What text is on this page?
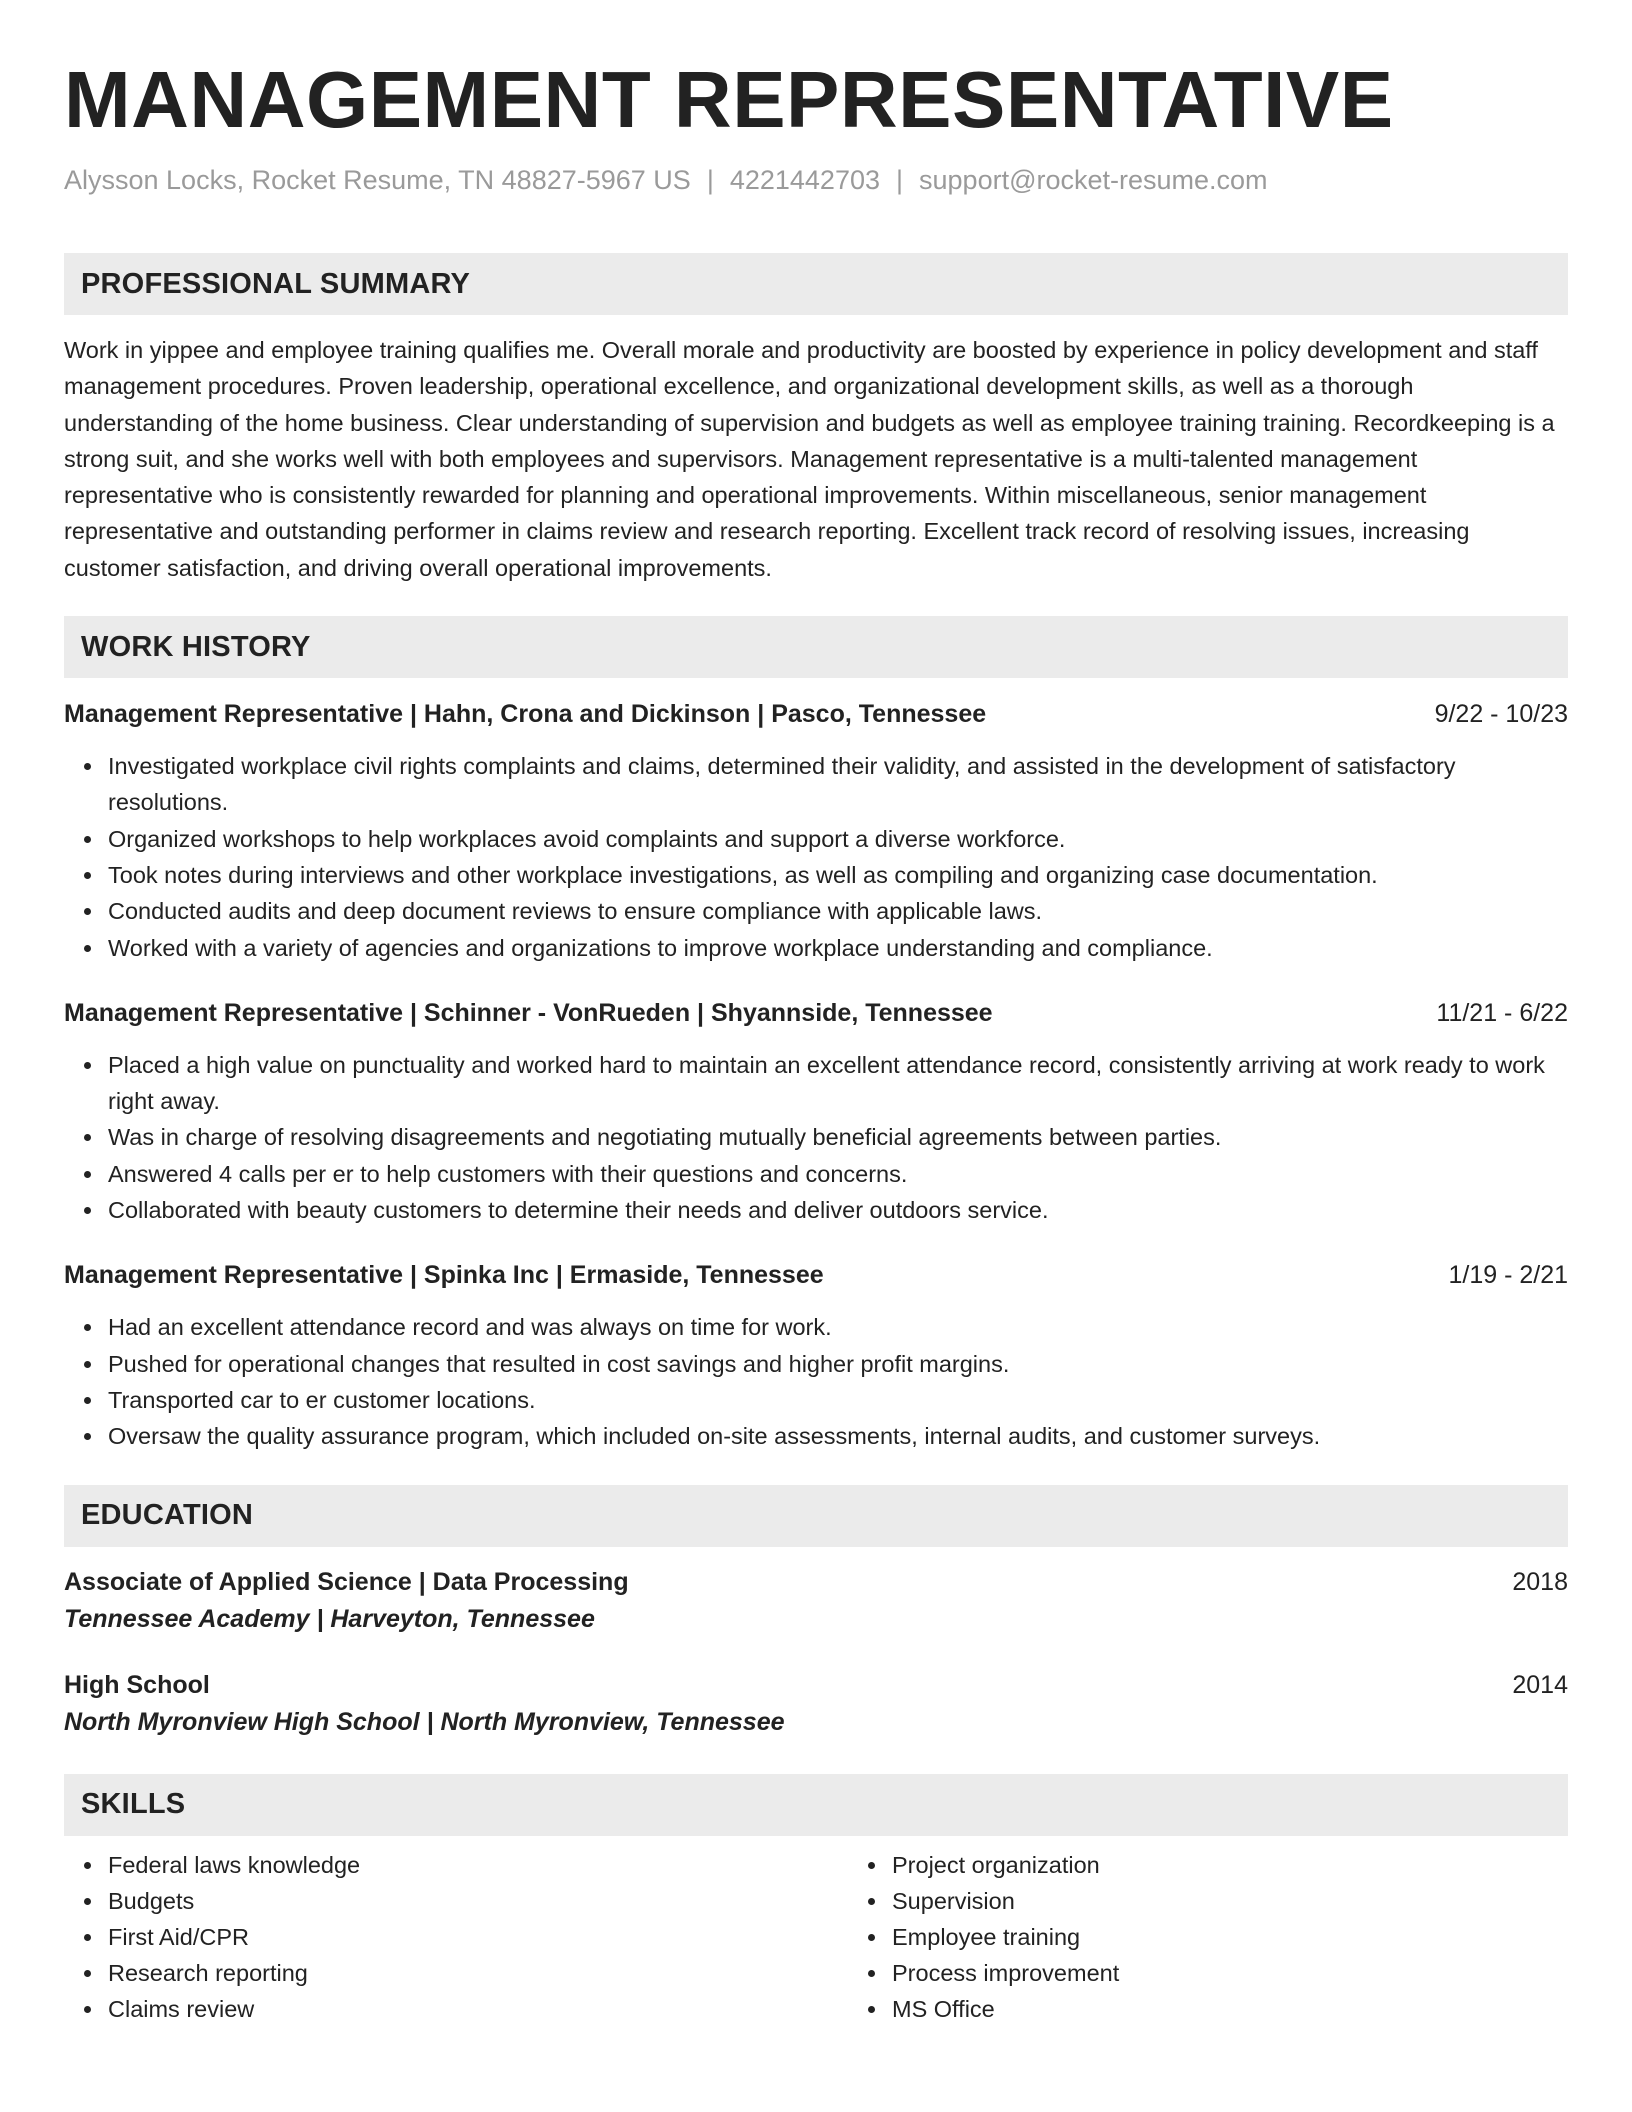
MANAGEMENT REPRESENTATIVE
Alysson Locks, Rocket Resume, TN 48827-5967 US | 4221442703 | support@rocket-resume.com
PROFESSIONAL SUMMARY

Work in yippee and employee training qualifies me. Overall morale and productivity are boosted by experience in policy development and staff management procedures. Proven leadership, operational excellence, and organizational development skills, as well as a thorough understanding of the home business. Clear understanding of supervision and budgets as well as employee training training. Recordkeeping is a strong suit, and she works well with both employees and supervisors. Management representative is a multi-talented management representative who is consistently rewarded for planning and operational improvements. Within miscellaneous, senior management representative and outstanding performer in claims review and research reporting. Excellent track record of resolving issues, increasing customer satisfaction, and driving overall operational improvements.

WORK HISTORY
Management Representative | Hahn, Crona and Dickinson | Pasco, Tennessee	9/22 - 10/23
Investigated workplace civil rights complaints and claims, determined their validity, and assisted in the development of satisfactory resolutions.
Organized workshops to help workplaces avoid complaints and support a diverse workforce.
Took notes during interviews and other workplace investigations, as well as compiling and organizing case documentation.
Conducted audits and deep document reviews to ensure compliance with applicable laws.
Worked with a variety of agencies and organizations to improve workplace understanding and compliance.
Management Representative | Schinner - VonRueden | Shyannside, Tennessee	11/21 - 6/22
Placed a high value on punctuality and worked hard to maintain an excellent attendance record, consistently arriving at work ready to work right away.
Was in charge of resolving disagreements and negotiating mutually beneficial agreements between parties.
Answered 4 calls per er to help customers with their questions and concerns.
Collaborated with beauty customers to determine their needs and deliver outdoors service.
Management Representative | Spinka Inc | Ermaside, Tennessee	1/19 - 2/21
Had an excellent attendance record and was always on time for work.
Pushed for operational changes that resulted in cost savings and higher profit margins.
Transported car to er customer locations.
Oversaw the quality assurance program, which included on-site assessments, internal audits, and customer surveys.
EDUCATION
Associate of Applied Science | Data Processing	2018
Tennessee Academy | Harveyton, Tennessee
High School	2014
North Myronview High School | North Myronview, Tennessee
SKILLS
Federal laws knowledge
Budgets
First Aid/CPR
Research reporting
Claims review
Project organization
Supervision
Employee training
Process improvement
MS Office
